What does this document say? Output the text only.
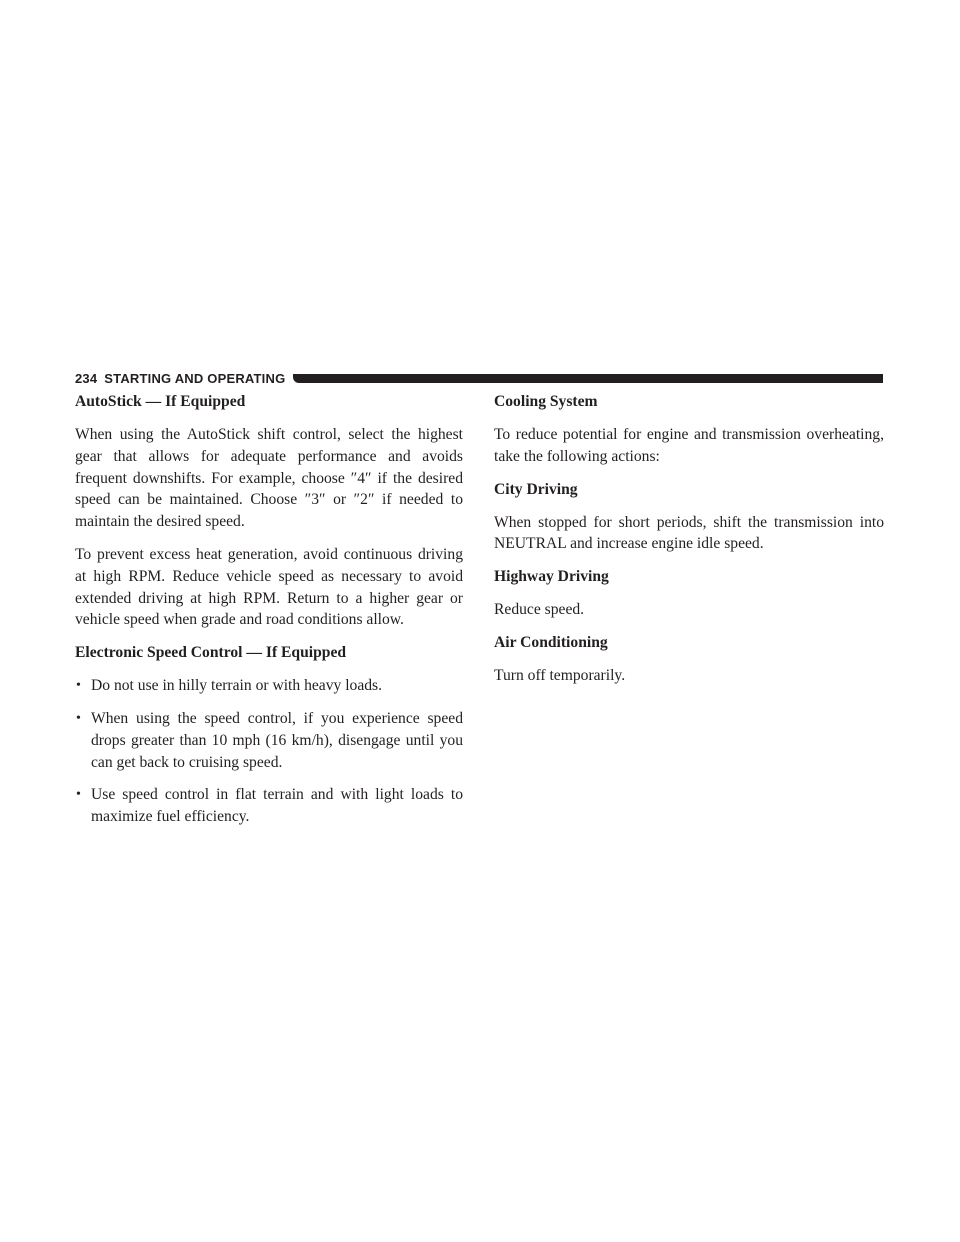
234 STARTING AND OPERATING
AutoStick — If Equipped

When using the AutoStick shift control, select the highest gear that allows for adequate performance and avoids frequent downshifts. For example, choose ″4″ if the desired speed can be maintained. Choose ″3″ or ″2″ if needed to maintain the desired speed.

To prevent excess heat generation, avoid continuous driving at high RPM. Reduce vehicle speed as necessary to avoid extended driving at high RPM. Return to a higher gear or vehicle speed when grade and road conditions allow.

Electronic Speed Control — If Equipped
• Do not use in hilly terrain or with heavy loads.
• When using the speed control, if you experience speed drops greater than 10 mph (16 km/h), disengage until you can get back to cruising speed.
• Use speed control in flat terrain and with light loads to maximize fuel efficiency.
Cooling System

To reduce potential for engine and transmission overheating, take the following actions:

City Driving

When stopped for short periods, shift the transmission into NEUTRAL and increase engine idle speed.

Highway Driving

Reduce speed.

Air Conditioning

Turn off temporarily.
